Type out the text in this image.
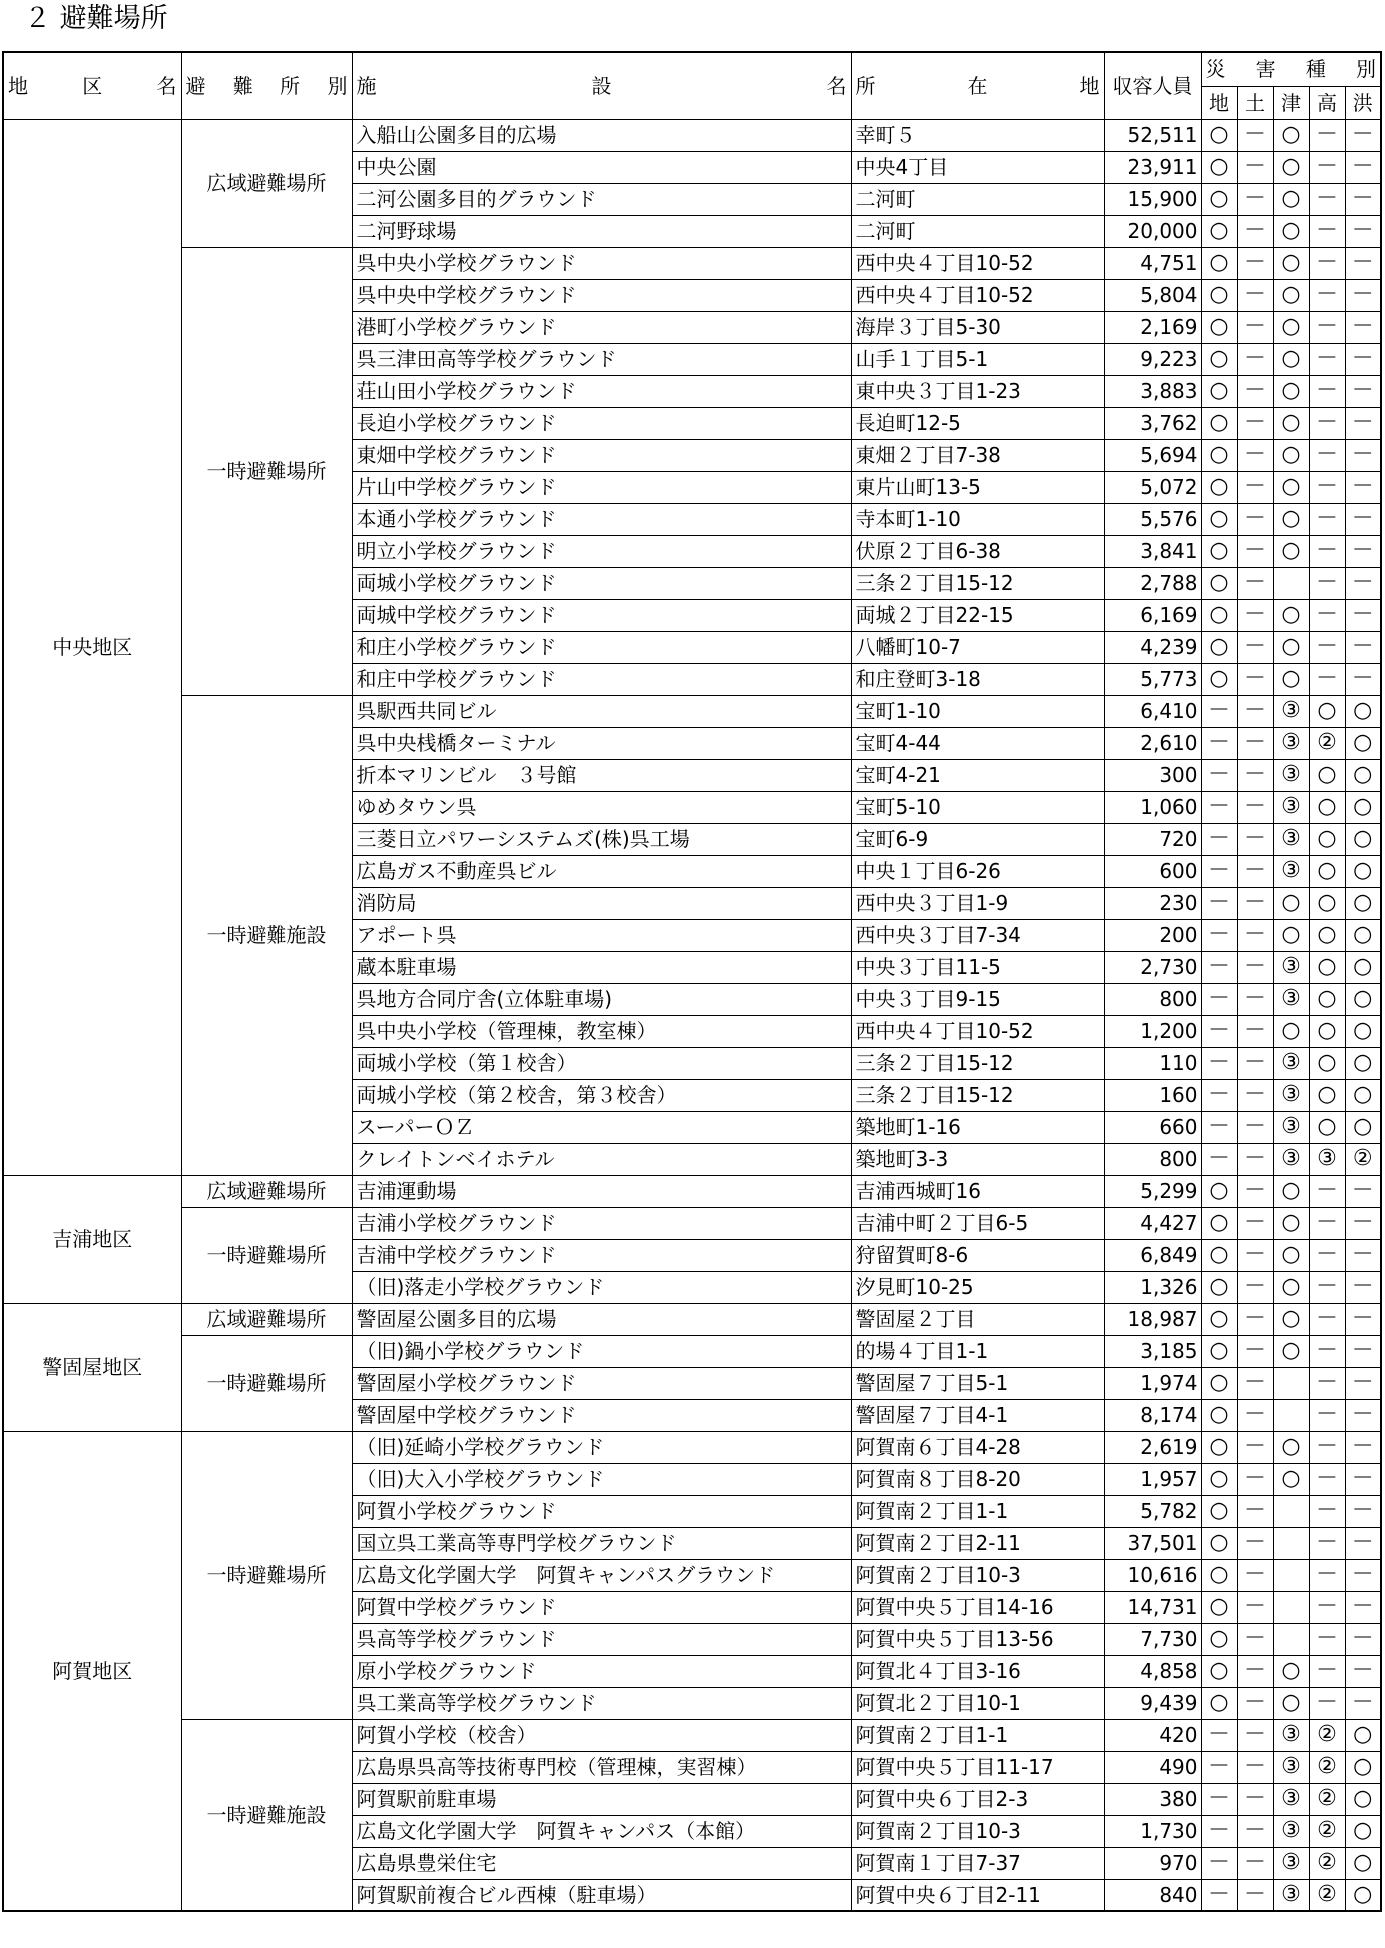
２ 避難場所
地 区 名	避 難 所 別	施 設 名	所 在 地	収容人員	災 害 種 別				

					地	土	津	高	洪
中央地区	広域避難場所	入船山公園多目的広場	幸町５	52,511	○	－	○	－	－
		中央公園	中央4丁目	23,911	○	－	○	－	－
		二河公園多目的グラウンド	二河町	15,900	○	－	○	－	－
		二河野球場	二河町	20,000	○	－	○	－	－
	一時避難場所	呉中央小学校グラウンド	西中央４丁目10-52	4,751	○	－	○	－	－
		呉中央中学校グラウンド	西中央４丁目10-52	5,804	○	－	○	－	－
		港町小学校グラウンド	海岸３丁目5-30	2,169	○	－	○	－	－
		呉三津田高等学校グラウンド	山手１丁目5-1	9,223	○	－	○	－	－
		荘山田小学校グラウンド	東中央３丁目1-23	3,883	○	－	○	－	－
		長迫小学校グラウンド	長迫町12-5	3,762	○	－	○	－	－
		東畑中学校グラウンド	東畑２丁目7-38	5,694	○	－	○	－	－
		片山中学校グラウンド	東片山町13-5	5,072	○	－	○	－	－
		本通小学校グラウンド	寺本町1-10	5,576	○	－	○	－	－
		明立小学校グラウンド	伏原２丁目6-38	3,841	○	－	○	－	－
		両城小学校グラウンド	三条２丁目15-12	2,788	○	－		－	－
		両城中学校グラウンド	両城２丁目22-15	6,169	○	－	○	－	－
		和庄小学校グラウンド	八幡町10-7	4,239	○	－	○	－	－
		和庄中学校グラウンド	和庄登町3-18	5,773	○	－	○	－	－
	一時避難施設	呉駅西共同ビル	宝町1-10	6,410	－	－	③	○	○
		呉中央桟橋ターミナル	宝町4-44	2,610	－	－	③	②	○
		折本マリンビル　３号館	宝町4-21	300	－	－	③	○	○
		ゆめタウン呉	宝町5-10	1,060	－	－	③	○	○
		三菱日立パワーシステムズ(株)呉工場	宝町6-9	720	－	－	③	○	○
		広島ガス不動産呉ビル	中央１丁目6-26	600	－	－	③	○	○
		消防局	西中央３丁目1-9	230	－	－	○	○	○
		アポート呉	西中央３丁目7-34	200	－	－	○	○	○
		蔵本駐車場	中央３丁目11-5	2,730	－	－	③	○	○
		呉地方合同庁舎(立体駐車場)	中央３丁目9-15	800	－	－	③	○	○
		呉中央小学校（管理棟，教室棟）	西中央４丁目10-52	1,200	－	－	○	○	○
		両城小学校（第１校舎）	三条２丁目15-12	110	－	－	③	○	○
		両城小学校（第２校舎，第３校舎）	三条２丁目15-12	160	－	－	③	○	○
		スーパーＯＺ	築地町1-16	660	－	－	③	○	○
		クレイトンベイホテル	築地町3-3	800	－	－	③	③	②
吉浦地区	広域避難場所	吉浦運動場	吉浦西城町16	5,299	○	－	○	－	－
	一時避難場所	吉浦小学校グラウンド	吉浦中町２丁目6-5	4,427	○	－	○	－	－
		吉浦中学校グラウンド	狩留賀町8-6	6,849	○	－	○	－	－
		（旧)落走小学校グラウンド	汐見町10-25	1,326	○	－	○	－	－
警固屋地区	広域避難場所	警固屋公園多目的広場	警固屋２丁目	18,987	○	－	○	－	－
	一時避難場所	（旧)鍋小学校グラウンド	的場４丁目1-1	3,185	○	－	○	－	－
		警固屋小学校グラウンド	警固屋７丁目5-1	1,974	○	－		－	－
		警固屋中学校グラウンド	警固屋７丁目4-1	8,174	○	－		－	－
阿賀地区	一時避難場所	（旧)延崎小学校グラウンド	阿賀南６丁目4-28	2,619	○	－	○	－	－
		（旧)大入小学校グラウンド	阿賀南８丁目8-20	1,957	○	－	○	－	－
		阿賀小学校グラウンド	阿賀南２丁目1-1	5,782	○	－		－	－
		国立呉工業高等専門学校グラウンド	阿賀南２丁目2-11	37,501	○	－		－	－
		広島文化学園大学　阿賀キャンパスグラウンド	阿賀南２丁目10-3	10,616	○	－		－	－
		阿賀中学校グラウンド	阿賀中央５丁目14-16	14,731	○	－		－	－
		呉高等学校グラウンド	阿賀中央５丁目13-56	7,730	○	－		－	－
		原小学校グラウンド	阿賀北４丁目3-16	4,858	○	－	○	－	－
		呉工業高等学校グラウンド	阿賀北２丁目10-1	9,439	○	－	○	－	－
	一時避難施設	阿賀小学校（校舎）	阿賀南２丁目1-1	420	－	－	③	②	○
		広島県呉高等技術専門校（管理棟，実習棟）	阿賀中央５丁目11-17	490	－	－	③	②	○
		阿賀駅前駐車場	阿賀中央６丁目2-3	380	－	－	③	②	○
		広島文化学園大学　阿賀キャンパス（本館）	阿賀南２丁目10-3	1,730	－	－	③	②	○
		広島県豊栄住宅	阿賀南１丁目7-37	970	－	－	③	②	○
		阿賀駅前複合ビル西棟（駐車場）	阿賀中央６丁目2-11	840	－	－	③	②	○
